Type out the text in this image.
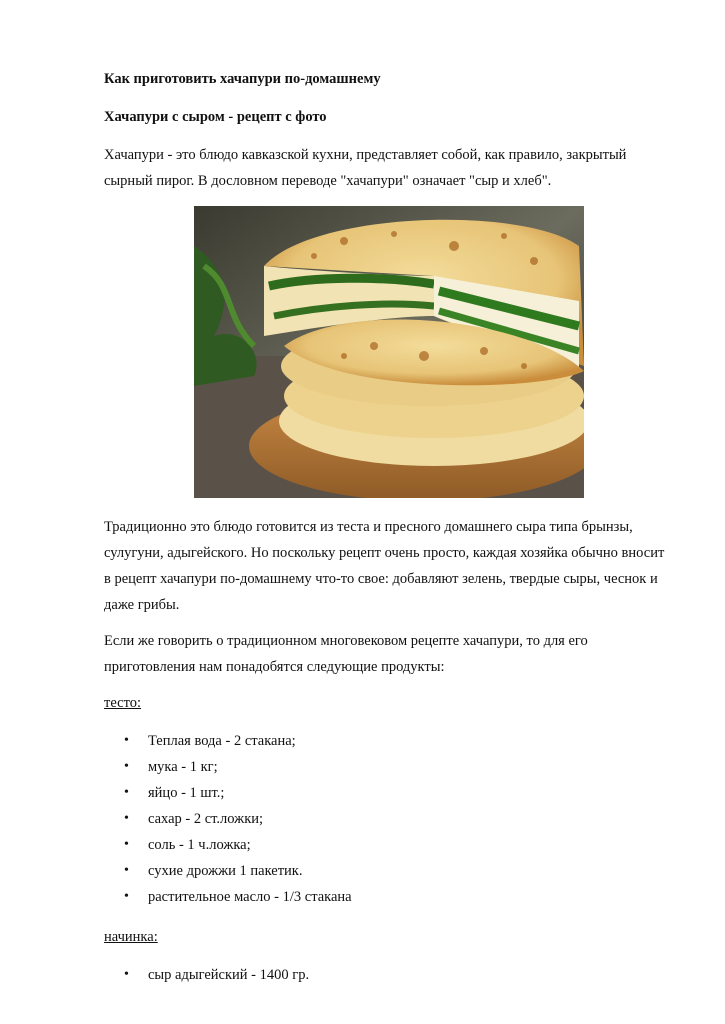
Как приготовить хачапури по-домашнему
Хачапури с сыром - рецепт с фото
Хачапури - это блюдо кавказской кухни, представляет собой, как правило, закрытый
сырный пирог. В дословном переводе "хачапури" означает "сыр и хлеб".
Традиционно это блюдо готовится из теста и пресного домашнего сыра типа брынзы,
сулугуни, адыгейского. Но поскольку рецепт очень просто, каждая хозяйка обычно вносит
в рецепт хачапури по-домашнему что-то свое: добавляют зелень, твердые сыры, чеснок и
даже грибы.
Если же говорить о традиционном многовековом рецепте хачапури, то для его
приготовления нам понадобятся следующие продукты:
тесто:
• Теплая вода - 2 стакана;
• мука - 1 кг;
• яйцо - 1 шт.;
• сахар - 2 ст.ложки;
• соль - 1 ч.ложка;
• сухие дрожжи 1 пакетик.
• растительное масло - 1/3 стакана
начинка:
• сыр адыгейский - 1400 гр.
